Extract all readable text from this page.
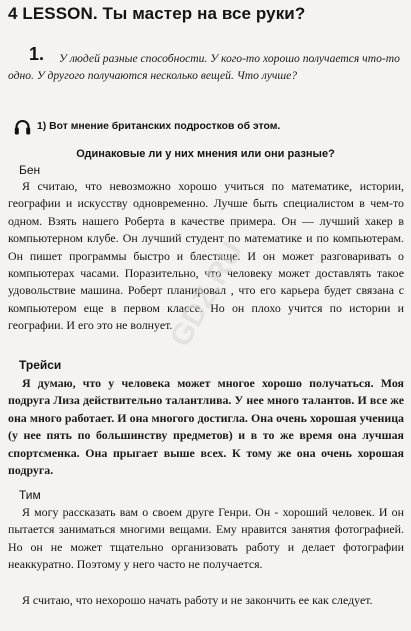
4 LESSON. Ты мастер на все руки?
У людей разные способности. У кого-то хорошо получается что-то одно. У другого получаются несколько вещей. Что лучше?
1.
1) Вот мнение британских подростков об этом.
Одинаковые ли у них мнения или они разные?
Бен
Я считаю, что невозможно хорошо учиться по математике, истории, географии и искусству одновременно. Лучше быть специалистом в чем-то одном. Взять нашего Роберта в качестве примера. Он — лучший хакер в компьютерном клубе. Он лучший студент по математике и по компьютерам. Он пишет программы быстро и блестяще. И он может разговаривать о компьютерах часами. Поразительно, что человеку может доставлять такое удовольствие машина. Роберт планировал , что его карьера будет связана с компьютером еще в первом классе. Но он плохо учится по истории и географии. И его это не волнует.
Трейси
Я думаю, что у человека может многое хорошо получаться. Моя подруга Лиза действительно талантлива. У нее много талантов. И все же она много работает. И она многого достигла. Она очень хорошая ученица (у нее пять по большинству предметов) и в то же время она лучшая спортсменка. Она прыгает выше всех. К тому же она очень хорошая подруга.
Тим
Я могу рассказать вам о своем друге Генри. Он - хороший человек. И он пытается заниматься многими вещами. Ему нравится занятия фотографией. Но он не может тщательно организовать работу и делает фотографии неаккуратно. Поэтому у него часто не получается.
Я считаю, что нехорошо начать работу и не закончить ее как следует.
GDZ.RU
